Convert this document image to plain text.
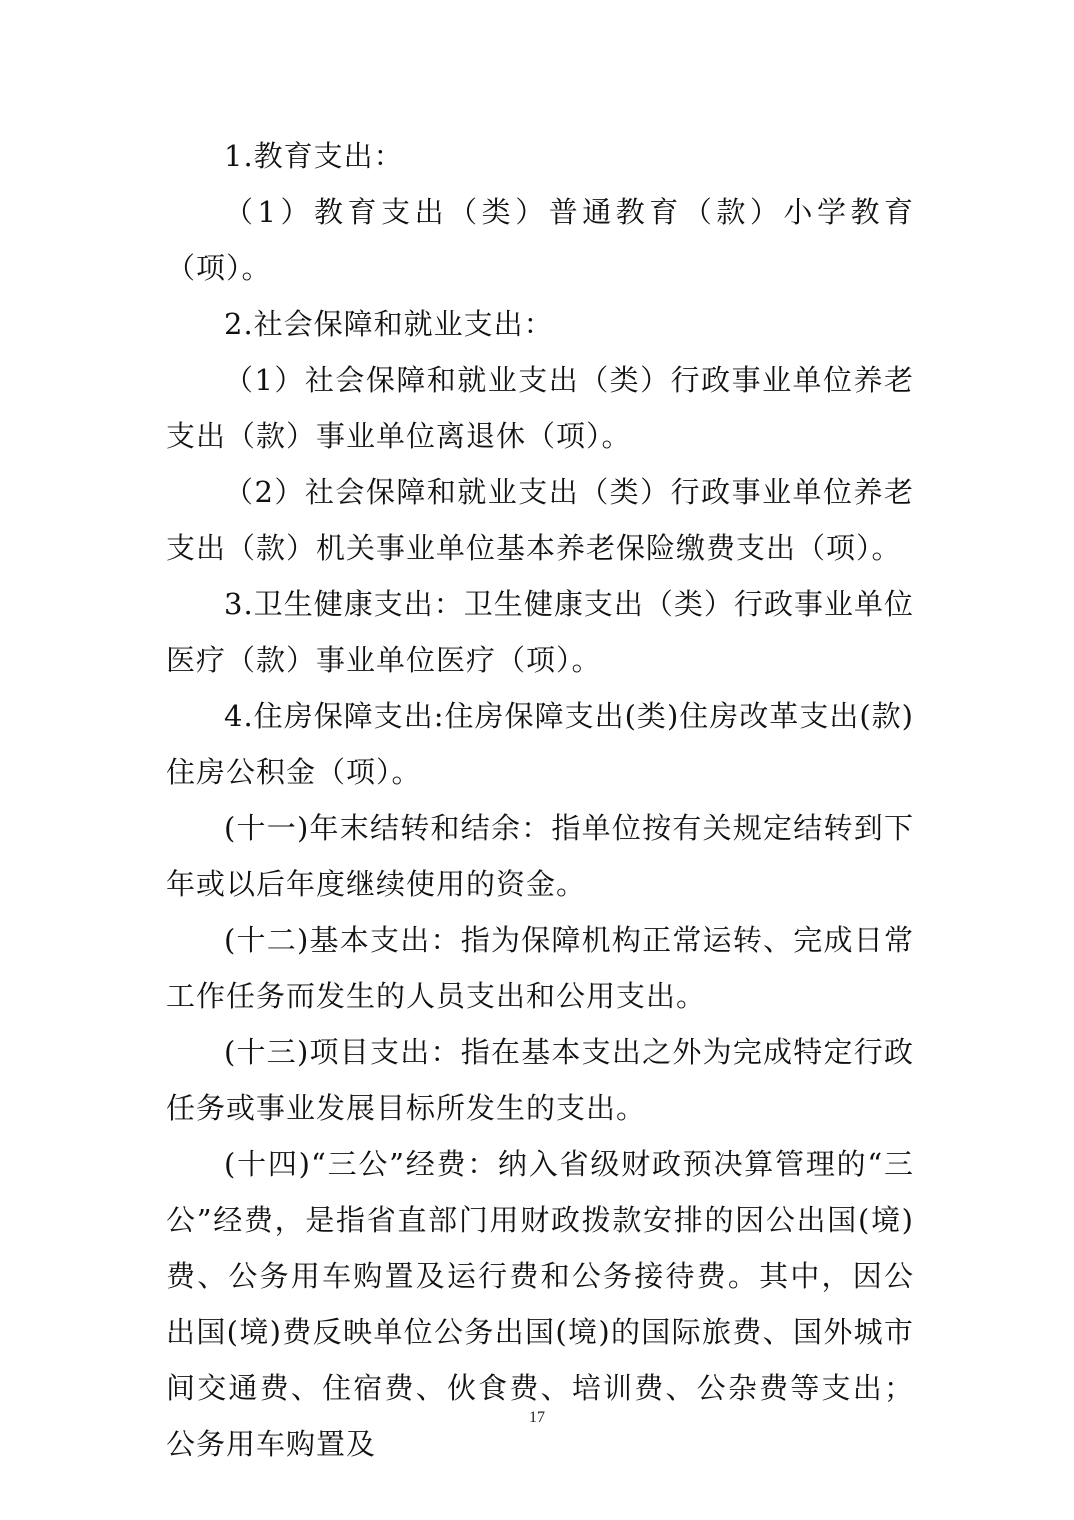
1.教育支出：

（1）教育支出（类）普通教育（款）小学教育（项）。

2.社会保障和就业支出：

（1）社会保障和就业支出（类）行政事业单位养老支出（款）事业单位离退休（项）。

（2）社会保障和就业支出（类）行政事业单位养老支出（款）机关事业单位基本养老保险缴费支出（项）。

3.卫生健康支出：卫生健康支出（类）行政事业单位医疗（款）事业单位医疗（项）。

4.住房保障支出:住房保障支出(类)住房改革支出(款)住房公积金（项）。

(十一)年末结转和结余：指单位按有关规定结转到下年或以后年度继续使用的资金。

(十二)基本支出：指为保障机构正常运转、完成日常工作任务而发生的人员支出和公用支出。

(十三)项目支出：指在基本支出之外为完成特定行政任务或事业发展目标所发生的支出。

(十四)“三公”经费：纳入省级财政预决算管理的“三公”经费，是指省直部门用财政拨款安排的因公出国(境)费、公务用车购置及运行费和公务接待费。其中，因公出国(境)费反映单位公务出国(境)的国际旅费、国外城市间交通费、住宿费、伙食费、培训费、公杂费等支出；公务用车购置及

17
